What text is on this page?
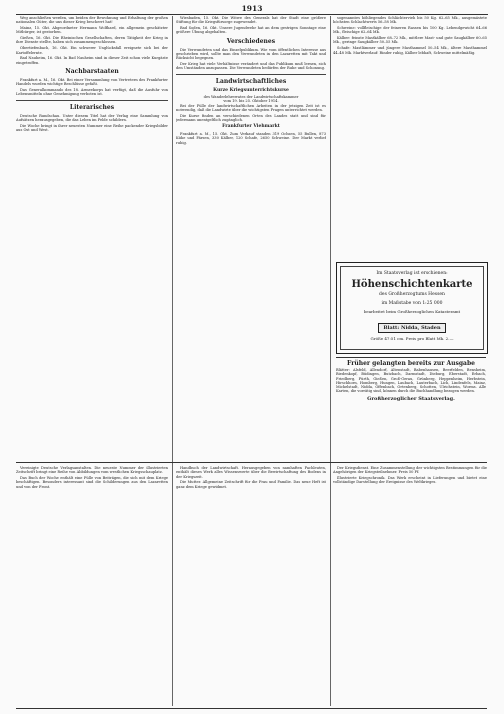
1913

Weg anschließen werden, um beiden der Bewohnung und Erhaltung der großen nationalen Güter, die uns dieser Krieg bescherrt hat!

Mainz, 15. Okt. Abgeordneter Hermann Wolfhard, ein allgemein geschätzter Mitbürger, ist gestorben.

Gießen, 16. Okt. Die Rheinischen Gesellschaften, deren Tätigkeit der Krieg in ihre Dienste stellte, haben sich zusammengeschlossen.

Obertiefenbach, 16. Okt. Ein schwerer Unglücksfall ereignete sich bei der Kartoffelernte.

Bad Nauheim, 16. Okt. In Bad Nauheim sind in dieser Zeit schon viele Kurgäste eingetroffen.

Nachbarstaaten

Frankfurt a. M., 16. Okt. Bei einer Versammlung von Vertretern des Frankfurter Handels wurden wichtige Beschlüsse gefaßt.

Das Generalkommando des 18. Armeekorps hat verfügt, daß die Ausfuhr von Lebensmitteln ohne Genehmigung verboten ist.

Literarisches

Deutsche Rundschau. Unter diesem Titel hat der Verlag eine Sammlung von Aufsätzen herausgegeben, die das Leben im Felde schildern.

Die Woche bringt in ihrer neuesten Nummer eine Reihe packender Kriegsbilder aus Ost und West.

Wiesbaden, 15. Okt. Die Witwe des Generals hat der Stadt eine größere Stiftung für die Kriegsfürsorge zugewendet.

Bad Soden, 16. Okt. Unsere Jugendwehr hat an dem gestrigen Sonntage eine größere Übung abgehalten.

Verschiedenes

Die Verwundeten und das Einzelpublikum. Wie vom öffentlichen Interesse aus geschrieben wird, sollte man den Verwundeten in den Lazaretten mit Takt und Rücksicht begegnen.

Der Krieg hat viele Verhältnisse verändert und das Publikum muß lernen, sich den Umständen anzupassen. Die Verwundeten bedürfen der Ruhe und Schonung.

Landwirtschaftliches
Kurze Kriegsunterrichtskurse
des Wanderlehrerrates der Landwirtschaftskammer
vom 19. bis 25. Oktober 1914.

Bei der Fülle der landwirtschaftlichen Arbeiten in der jetzigen Zeit ist es notwendig, daß die Landwirte über die wichtigsten Fragen unterrichtet werden.

Die Kurse finden an verschiedenen Orten des Landes statt und sind für jedermann unentgeltlich zugänglich.

Frankfurter Viehmarkt

Frankfurt a. M., 15. Okt. Zum Verkauf standen 319 Ochsen, 55 Bullen, 873 Kühe und Färsen, 330 Kälber, 120 Schafe, 2650 Schweine. Der Markt verlief ruhig.

sogenanntes höhliegendes Schlächtervieh bis 50 Kg. 62–65 Mk., ausgemästete höchsten Schlachtwerts 56–58 Mk.

Schweine: vollfleischige der feineren Rassen bis 100 Kg. Lebendgewicht 64–66 Mk., fleischige 62–64 Mk.

Kälber: feinste Mastkälber 68–72 Mk., mittlere Mast- und gute Saugkälber 60–65 Mk., geringe Saugkälber 50–55 Mk.

Schafe: Mastlämmer und jüngere Masthammel 50–54 Mk., ältere Masthammel 44–48 Mk. Marktverlauf: Rinder ruhig, Kälber lebhaft, Schweine mittelmäßig.

Im Staatsverlag ist erschienen:
Höhenschichtenkarte
des Großherzogtums Hessen
im Maßstabe von 1:25 000
bearbeitet beim Großherzoglichen Katasteramt
Blatt: Nidda, Staden
Größe 47:51 cm. Preis pro Blatt Mk. 2.—
Früher gelangten bereits zur Ausgabe
Blätter: Alsfeld, Allendorf, Altenstadt, Babenhausen, Beerfelden, Bensheim, Biedenkopf, Büdingen, Butzbach, Darmstadt, Dieburg, Eberstadt, Erbach, Friedberg, Fürth, Gießen, Groß-Gerau, Grünberg, Heppenheim, Herbstein, Hirschhorn, Homberg, Hungen, Laubach, Lauterbach, Lich, Lindenfels, Mainz, Michelstadt, Nidda, Offenbach, Ortenberg, Schotten, Ulrichstein, Worms. Alle Karten, die vorrätig sind, können durch die Buchhandlung bezogen werden.
Großherzoglicher Staatsverlag.

Vereinigte Deutsche Verlagsanstalten. Die neueste Nummer der illustrierten Zeitschrift bringt eine Reihe von Abbildungen vom westlichen Kriegsschauplatz.

Das Buch der Woche enthält eine Fülle von Beiträgen, die sich mit dem Kriege beschäftigen. Besonders interessant sind die Schilderungen aus den Lazaretten und von der Front.

Handbuch der Landwirtschaft. Herausgegeben von namhaften Fachleuten, enthält dieses Werk alles Wissenswerte über die Bewirtschaftung des Bodens in der Kriegszeit.

Die Mutter. Allgemeine Zeitschrift für die Frau und Familie. Das neue Heft ist ganz dem Kriege gewidmet.

Der Kriegsdienst. Eine Zusammenstellung der wichtigsten Bestimmungen für die Angehörigen der Kriegsteilnehmer. Preis 50 Pf.

Illustrierte Kriegschronik. Das Werk erscheint in Lieferungen und bietet eine vollständige Darstellung der Ereignisse des Weltkrieges.
